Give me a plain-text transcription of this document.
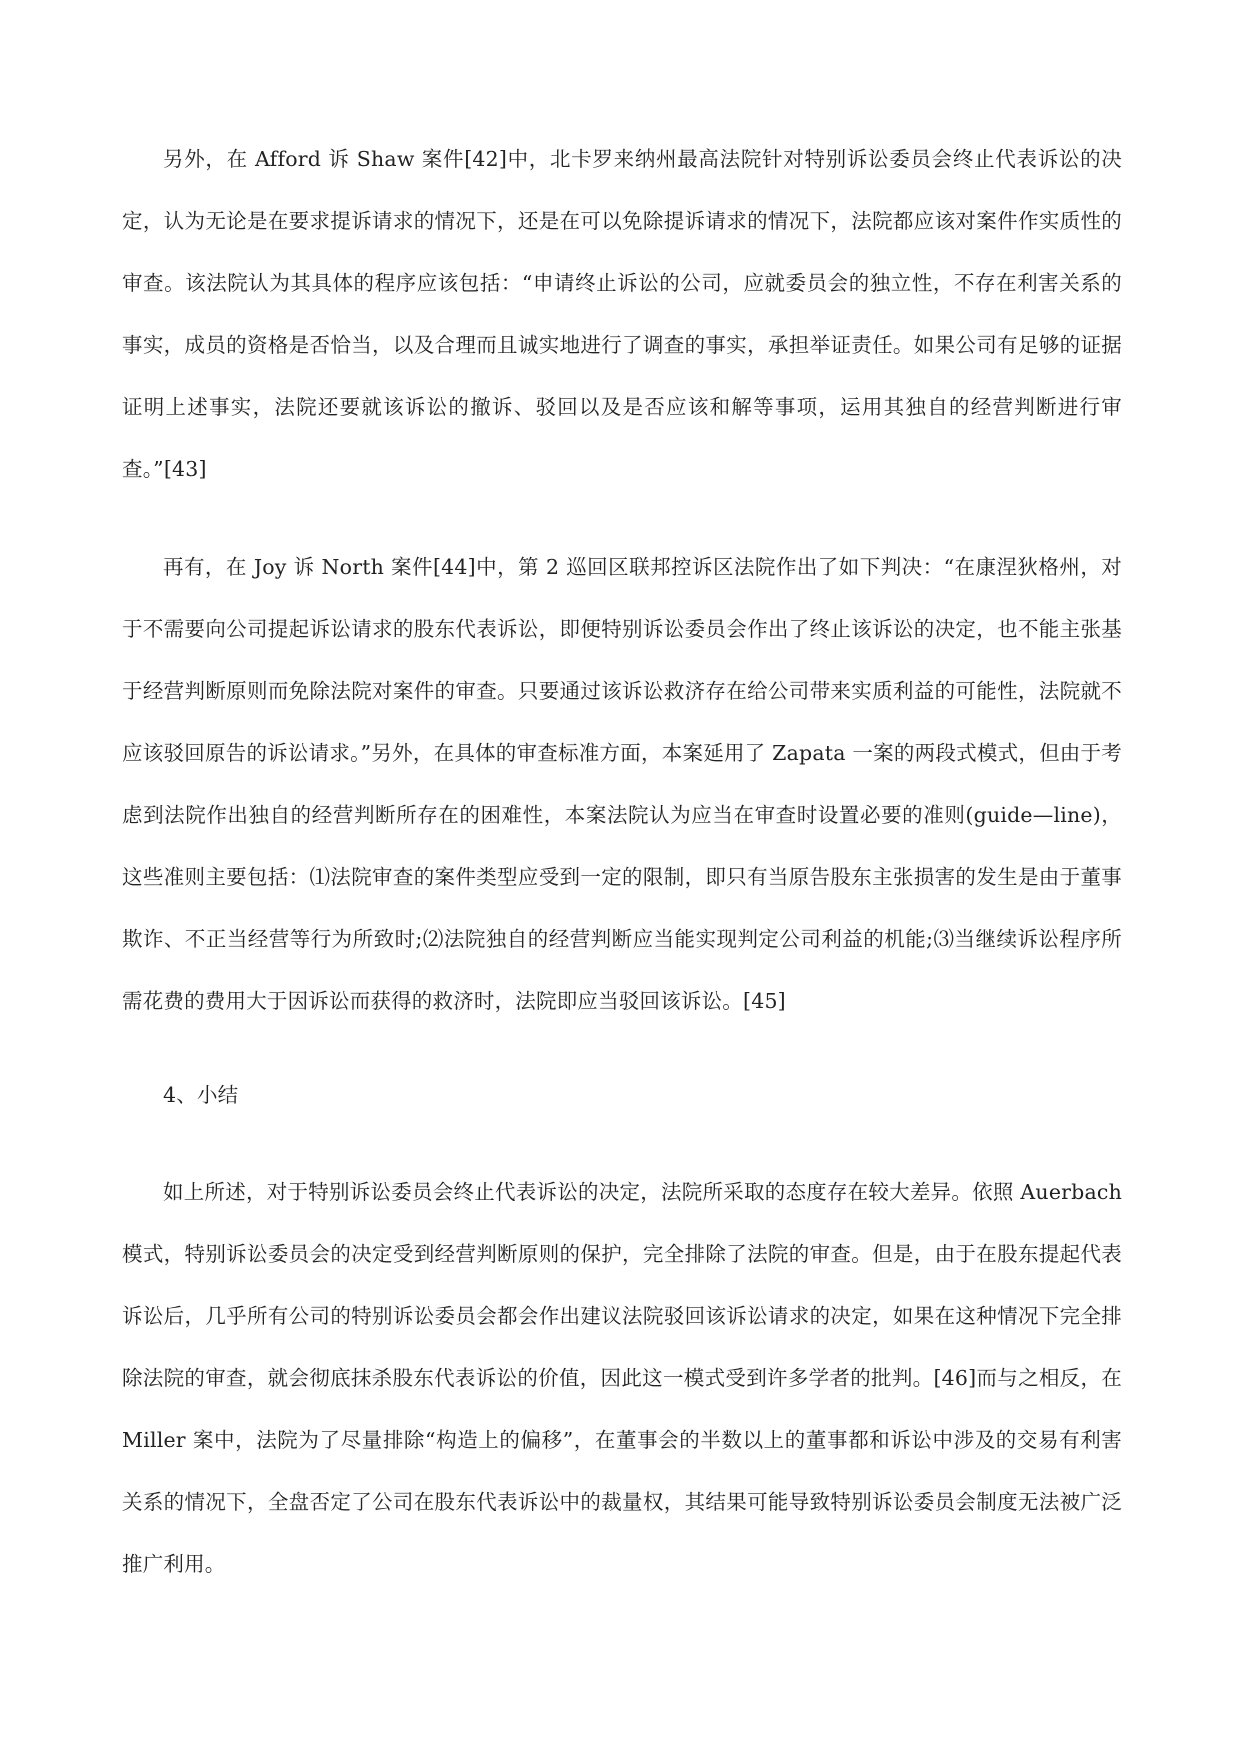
另外，在 Afford 诉 Shaw 案件[42]中，北卡罗来纳州最高法院针对特别诉讼委员会终止代表诉讼的决定，认为无论是在要求提诉请求的情况下，还是在可以免除提诉请求的情况下，法院都应该对案件作实质性的审查。该法院认为其具体的程序应该包括：“申请终止诉讼的公司，应就委员会的独立性，不存在利害关系的事实，成员的资格是否恰当，以及合理而且诚实地进行了调查的事实，承担举证责任。如果公司有足够的证据证明上述事实，法院还要就该诉讼的撤诉、驳回以及是否应该和解等事项，运用其独自的经营判断进行审查。”[43]

再有，在 Joy 诉 North 案件[44]中，第 2 巡回区联邦控诉区法院作出了如下判决：“在康涅狄格州，对于不需要向公司提起诉讼请求的股东代表诉讼，即便特别诉讼委员会作出了终止该诉讼的决定，也不能主张基于经营判断原则而免除法院对案件的审查。只要通过该诉讼救济存在给公司带来实质利益的可能性，法院就不应该驳回原告的诉讼请求。”另外，在具体的审查标准方面，本案延用了 Zapata 一案的两段式模式，但由于考虑到法院作出独自的经营判断所存在的困难性，本案法院认为应当在审查时设置必要的准则(guide—line)，这些准则主要包括：⑴法院审查的案件类型应受到一定的限制，即只有当原告股东主张损害的发生是由于董事欺诈、不正当经营等行为所致时;⑵法院独自的经营判断应当能实现判定公司利益的机能;⑶当继续诉讼程序所需花费的费用大于因诉讼而获得的救济时，法院即应当驳回该诉讼。[45]

4、小结

如上所述，对于特别诉讼委员会终止代表诉讼的决定，法院所采取的态度存在较大差异。依照 Auerbach 模式，特别诉讼委员会的决定受到经营判断原则的保护，完全排除了法院的审查。但是，由于在股东提起代表诉讼后，几乎所有公司的特别诉讼委员会都会作出建议法院驳回该诉讼请求的决定，如果在这种情况下完全排除法院的审查，就会彻底抹杀股东代表诉讼的价值，因此这一模式受到许多学者的批判。[46]而与之相反，在 Miller 案中，法院为了尽量排除“构造上的偏移”，在董事会的半数以上的董事都和诉讼中涉及的交易有利害关系的情况下，全盘否定了公司在股东代表诉讼中的裁量权，其结果可能导致特别诉讼委员会制度无法被广泛推广利用。
